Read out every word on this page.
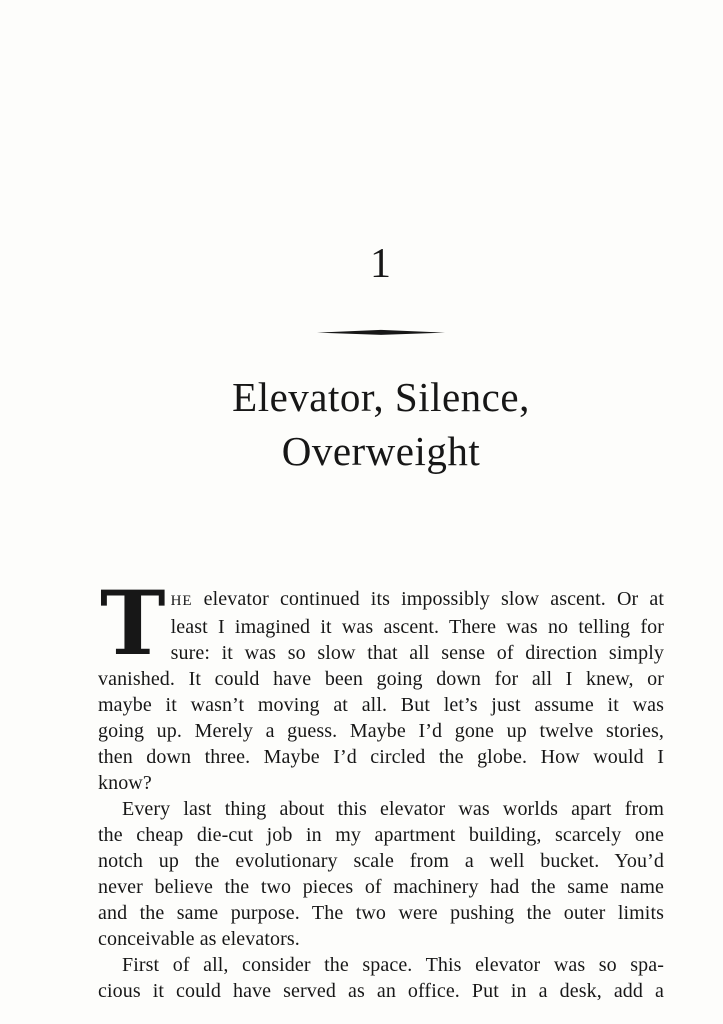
1
Elevator, Silence,
Overweight
T HE elevator continued its impossibly slow ascent. Or at
least I imagined it was ascent. There was no telling for
sure: it was so slow that all sense of direction simply
vanished. It could have been going down for all I knew, or
maybe it wasn’t moving at all. But let’s just assume it was
going up. Merely a guess. Maybe I’d gone up twelve stories,
then down three. Maybe I’d circled the globe. How would I
know?
Every last thing about this elevator was worlds apart from
the cheap die-cut job in my apartment building, scarcely one
notch up the evolutionary scale from a well bucket. You’d
never believe the two pieces of machinery had the same name
and the same purpose. The two were pushing the outer limits
conceivable as elevators.
First of all, consider the space. This elevator was so spa-
cious it could have served as an office. Put in a desk, add a
